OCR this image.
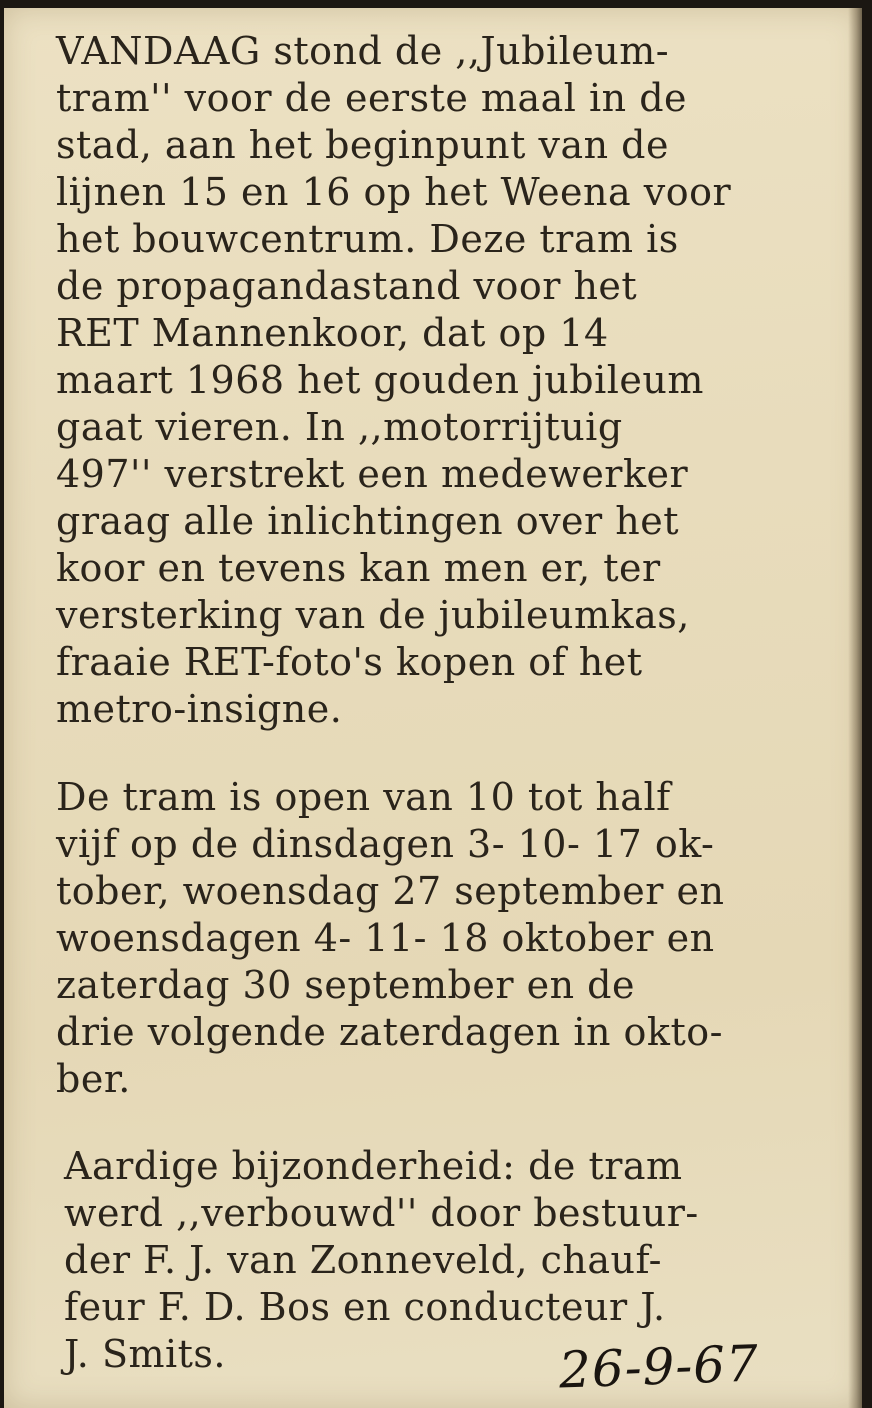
VANDAAG stond de ,,Jubileum-
tram'' voor de eerste maal in de
stad, aan het beginpunt van de
lijnen 15 en 16 op het Weena voor
het bouwcentrum. Deze tram is
de propagandastand voor het
RET Mannenkoor, dat op 14
maart 1968 het gouden jubileum
gaat vieren. In ,,motorrijtuig
497'' verstrekt een medewerker
graag alle inlichtingen over het
koor en tevens kan men er, ter
versterking van de jubileumkas,
fraaie RET-foto's kopen of het
metro-insigne.

De tram is open van 10 tot half
vijf op de dinsdagen 3- 10- 17 ok-
tober, woensdag 27 september en
woensdagen 4- 11- 18 oktober en
zaterdag 30 september en de
drie volgende zaterdagen in okto-
ber.

Aardige bijzonderheid: de tram
werd ,,verbouwd'' door bestuur-
der F. J. van Zonneveld, chauf-
feur F. D. Bos en conducteur J.
J. Smits.	26-9-67
